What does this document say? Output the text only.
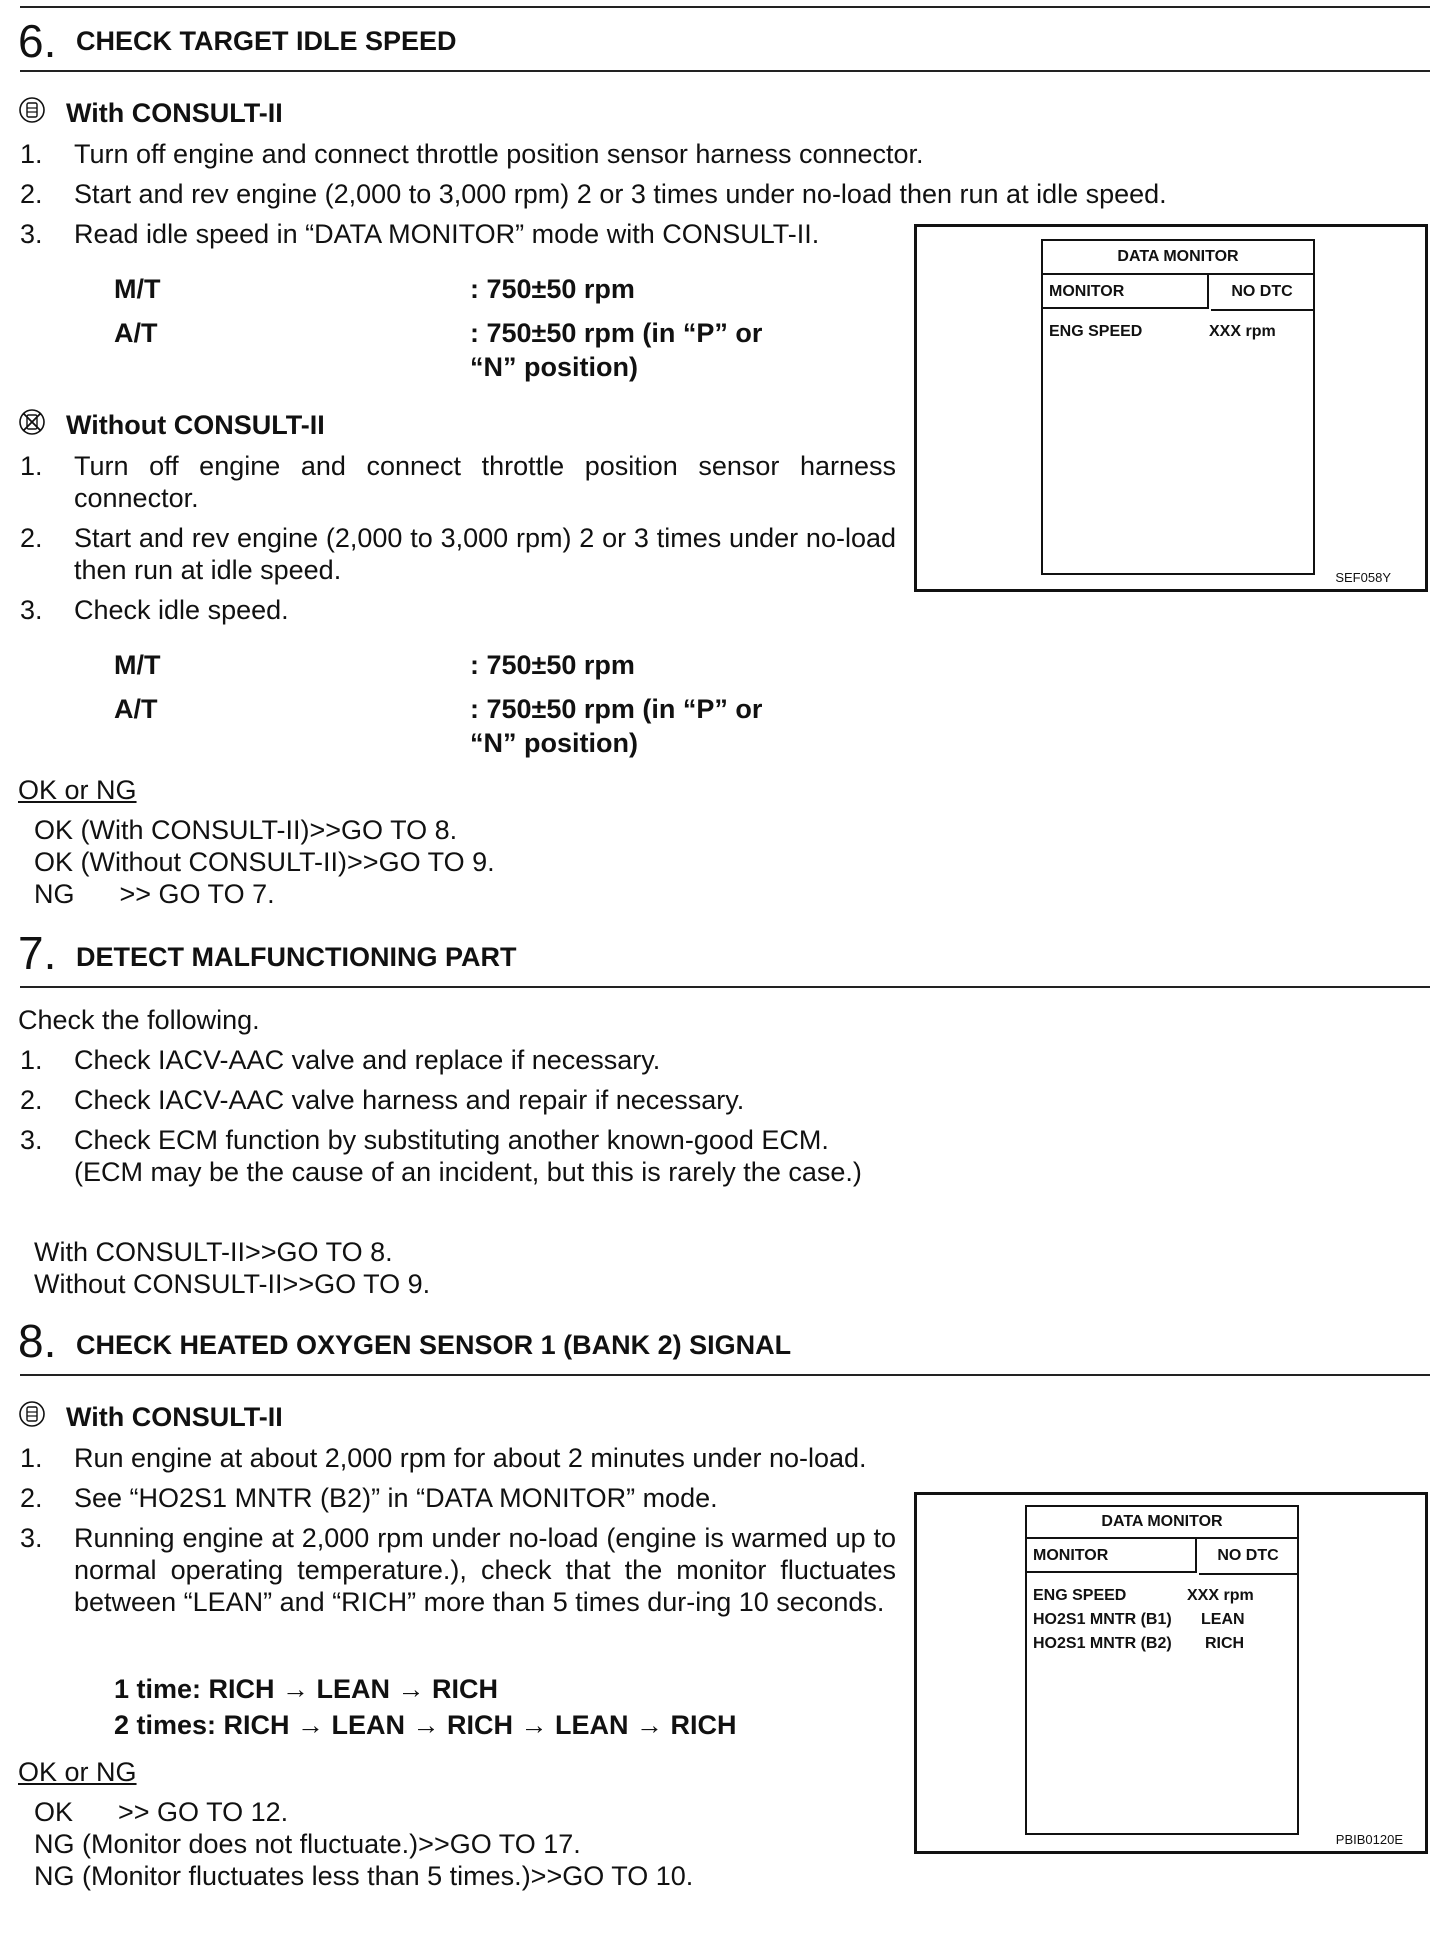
6. CHECK TARGET IDLE SPEED
With CONSULT-II
1.	Turn off engine and connect throttle position sensor harness connector.
2.	Start and rev engine (2,000 to 3,000 rpm) 2 or 3 times under no-load then run at idle speed.
3.	Read idle speed in “DATA MONITOR” mode with CONSULT-II.
M/T	: 750±50 rpm
A/T	: 750±50 rpm (in “P” or
“N” position)
Without CONSULT-II
1.	Turn off engine and connect throttle position sensor harness connector.
2.	Start and rev engine (2,000 to 3,000 rpm) 2 or 3 times under no-load then run at idle speed.
3.	Check idle speed.
M/T	: 750±50 rpm
A/T	: 750±50 rpm (in “P” or
“N” position)
OK or NG
OK (With CONSULT-II)>>GO TO 8.
OK (Without CONSULT-II)>>GO TO 9.
NG      >> GO TO 7.
DATA MONITOR
MONITOR	NO DTC
ENG SPEED	XXX rpm
SEF058Y
7. DETECT MALFUNCTIONING PART
Check the following.
1.	Check IACV-AAC valve and replace if necessary.
2.	Check IACV-AAC valve harness and repair if necessary.
3.	Check ECM function by substituting another known-good ECM.
(ECM may be the cause of an incident, but this is rarely the case.)
With CONSULT-II>>GO TO 8.
Without CONSULT-II>>GO TO 9.
8. CHECK HEATED OXYGEN SENSOR 1 (BANK 2) SIGNAL
With CONSULT-II
1.	Run engine at about 2,000 rpm for about 2 minutes under no-load.
2.	See “HO2S1 MNTR (B2)” in “DATA MONITOR” mode.
3.	Running engine at 2,000 rpm under no-load (engine is warmed up to normal operating temperature.), check that the monitor fluctuates between “LEAN” and “RICH” more than 5 times dur-ing 10 seconds.
1 time: RICH → LEAN → RICH
2 times: RICH → LEAN → RICH → LEAN → RICH
OK or NG
OK      >> GO TO 12.
NG (Monitor does not fluctuate.)>>GO TO 17.
NG (Monitor fluctuates less than 5 times.)>>GO TO 10.
DATA MONITOR
MONITOR	NO DTC
ENG SPEED	XXX rpm
HO2S1 MNTR (B1) LEAN
HO2S1 MNTR (B2) RICH
PBIB0120E
